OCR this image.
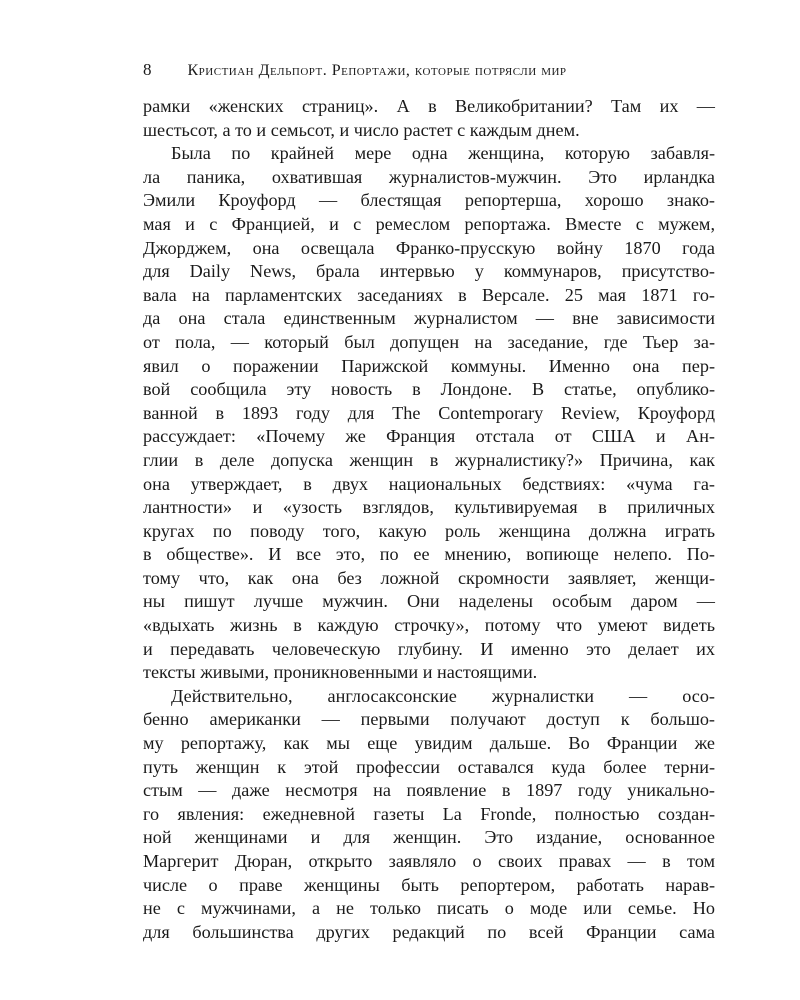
8 Кристиан Дельпорт. Репортажи, которые потрясли мир
рамки «женских страниц». А в Великобритании? Там их —
шестьсот, а то и семьсот, и число растет с каждым днем.
Была по крайней мере одна женщина, которую забавля-
ла паника, охватившая журналистов-мужчин. Это ирландка
Эмили Кроуфорд — блестящая репортерша, хорошо знако-
мая и с Францией, и с ремеслом репортажа. Вместе с мужем,
Джорджем, она освещала Франко-прусскую войну 1870 года
для Daily News, брала интервью у коммунаров, присутство-
вала на парламентских заседаниях в Версале. 25 мая 1871 го-
да она стала единственным журналистом — вне зависимости
от пола, — который был допущен на заседание, где Тьер за-
явил о поражении Парижской коммуны. Именно она пер-
вой сообщила эту новость в Лондоне. В статье, опублико-
ванной в 1893 году для The Contemporary Review, Кроуфорд
рассуждает: «Почему же Франция отстала от США и Ан-
глии в деле допуска женщин в журналистику?» Причина, как
она утверждает, в двух национальных бедствиях: «чума га-
лантности» и «узость взглядов, культивируемая в приличных
кругах по поводу того, какую роль женщина должна играть
в обществе». И все это, по ее мнению, вопиюще нелепо. По-
тому что, как она без ложной скромности заявляет, женщи-
ны пишут лучше мужчин. Они наделены особым даром —
«вдыхать жизнь в каждую строчку», потому что умеют видеть
и передавать человеческую глубину. И именно это делает их
тексты живыми, проникновенными и настоящими.
Действительно, англосаксонские журналистки — осо-
бенно американки — первыми получают доступ к большо-
му репортажу, как мы еще увидим дальше. Во Франции же
путь женщин к этой профессии оставался куда более терни-
стым — даже несмотря на появление в 1897 году уникально-
го явления: ежедневной газеты La Fronde, полностью создан-
ной женщинами и для женщин. Это издание, основанное
Маргерит Дюран, открыто заявляло о своих правах — в том
числе о праве женщины быть репортером, работать нарав-
не с мужчинами, а не только писать о моде или семье. Но
для большинства других редакций по всей Франции сама
